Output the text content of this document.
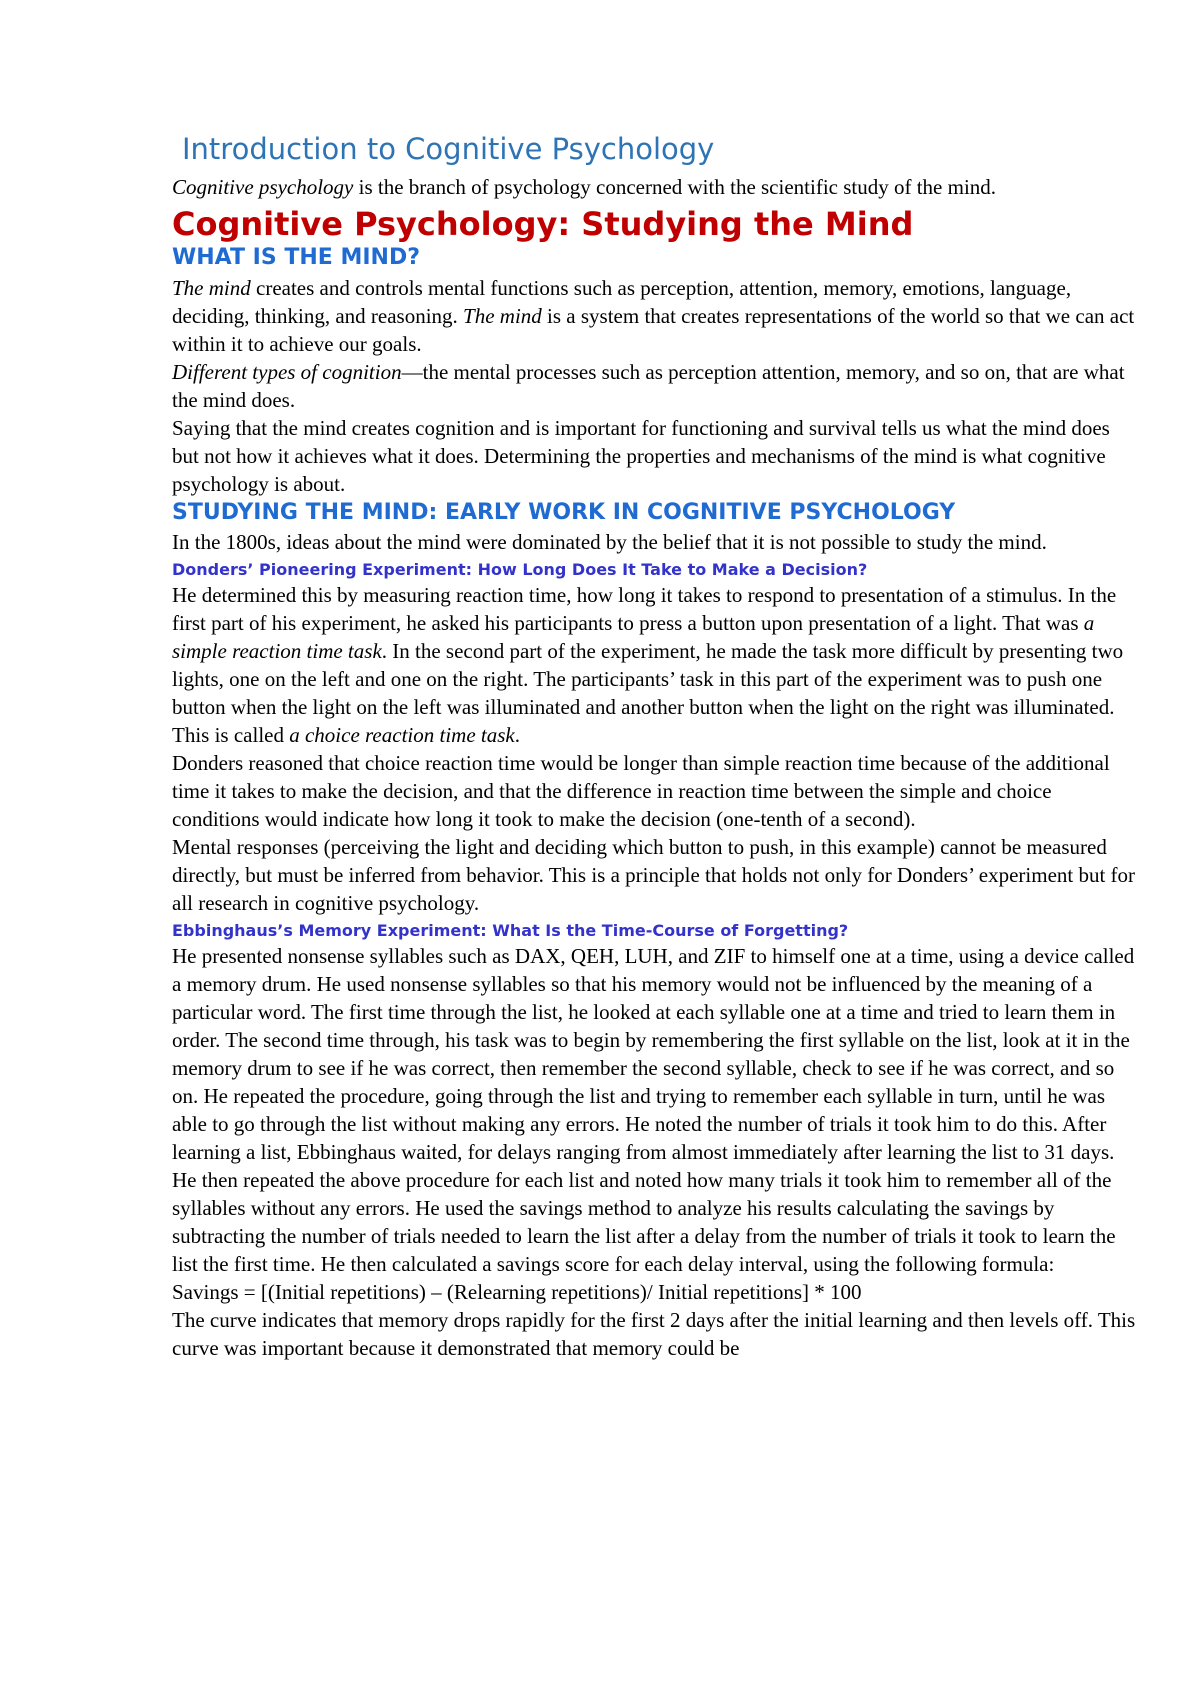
Introduction to Cognitive Psychology

Cognitive psychology is the branch of psychology concerned with the scientific study of the mind.

Cognitive Psychology: Studying the Mind
WHAT IS THE MIND?

The mind creates and controls mental functions such as perception, attention, memory, emotions, language, deciding, thinking, and reasoning. The mind is a system that creates representations of the world so that we can act within it to achieve our goals.

Different types of cognition—the mental processes such as perception attention, memory, and so on, that are what the mind does.

Saying that the mind creates cognition and is important for functioning and survival tells us what the mind does but not how it achieves what it does. Determining the properties and mechanisms of the mind is what cognitive psychology is about.

STUDYING THE MIND: EARLY WORK IN COGNITIVE PSYCHOLOGY

In the 1800s, ideas about the mind were dominated by the belief that it is not possible to study the mind.

Donders’ Pioneering Experiment: How Long Does It Take to Make a Decision?

He determined this by measuring reaction time, how long it takes to respond to presentation of a stimulus. In the first part of his experiment, he asked his participants to press a button upon presentation of a light. That was a simple reaction time task. In the second part of the experiment, he made the task more difficult by presenting two lights, one on the left and one on the right. The participants’ task in this part of the experiment was to push one button when the light on the left was illuminated and another button when the light on the right was illuminated. This is called a choice reaction time task.

Donders reasoned that choice reaction time would be longer than simple reaction time because of the additional time it takes to make the decision, and that the difference in reaction time between the simple and choice conditions would indicate how long it took to make the decision (one-tenth of a second).

Mental responses (perceiving the light and deciding which button to push, in this example) cannot be measured directly, but must be inferred from behavior. This is a principle that holds not only for Donders’ experiment but for all research in cognitive psychology.

Ebbinghaus’s Memory Experiment: What Is the Time-Course of Forgetting?

He presented nonsense syllables such as DAX, QEH, LUH, and ZIF to himself one at a time, using a device called a memory drum. He used nonsense syllables so that his memory would not be influenced by the meaning of a particular word. The first time through the list, he looked at each syllable one at a time and tried to learn them in order. The second time through, his task was to begin by remembering the first syllable on the list, look at it in the memory drum to see if he was correct, then remember the second syllable, check to see if he was correct, and so on. He repeated the procedure, going through the list and trying to remember each syllable in turn, until he was able to go through the list without making any errors. He noted the number of trials it took him to do this. After learning a list, Ebbinghaus waited, for delays ranging from almost immediately after learning the list to 31 days. He then repeated the above procedure for each list and noted how many trials it took him to remember all of the syllables without any errors. He used the savings method to analyze his results calculating the savings by subtracting the number of trials needed to learn the list after a delay from the number of trials it took to learn the list the first time. He then calculated a savings score for each delay interval, using the following formula:

Savings = [(Initial repetitions) – (Relearning repetitions)/ Initial repetitions] * 100

The curve indicates that memory drops rapidly for the first 2 days after the initial learning and then levels off. This curve was important because it demonstrated that memory could be
